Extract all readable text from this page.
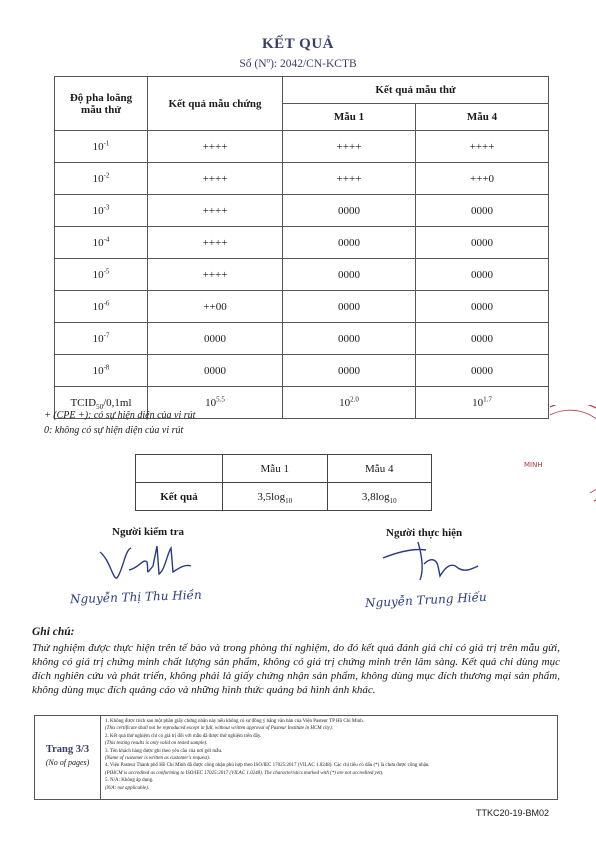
KẾT QUẢ
Số (Nº): 2042/CN-KCTB
Độ pha loãng
mẫu thử	Kết quả mẫu chứng	Kết quả mẫu thử	
		Mẫu 1	Mẫu 4
$10^{-1}$	++++	++++	++++
$10^{-2}$	++++	++++	+++0
$10^{-3}$	++++	0000	0000
$10^{-4}$	++++	0000	0000
$10^{-5}$	++++	0000	0000
$10^{-6}$	++00	0000	0000
$10^{-7}$	0000	0000	0000
$10^{-8}$	0000	0000	0000
$TCID_{50}/0,1ml$	$10^{5.5}$	$10^{2.0}$	$10^{1.7}$
+ (CPE +): có sự hiện diện của vi rút
0: không có sự hiện diện của vi rút
	Mẫu 1	Mẫu 4
Kết quả	$3,5\log_{10}$	$3,8\log_{10}$
Người kiểm tra
Nguyễn Thị Thu Hiền
Người thực hiện
Nguyễn Trung Hiếu
Ghi chú:
Thử nghiệm được thực hiện trên tế bào và trong phòng thí nghiệm, do đó kết quả đánh giá chỉ có giá trị trên mẫu gửi, không có giá trị chứng minh chất lượng sản phẩm, không có giá trị chứng minh trên lâm sàng. Kết quả chỉ dùng mục đích nghiên cứu và phát triển, không phải là giấy chứng nhận sản phẩm, không dùng mục đích thương mại sản phẩm, không dùng mục đích quảng cáo và những hình thức quảng bá hình ảnh khác.
Trang 3/3
(No of pages)
1. Không được trích sao một phần giấy chứng nhận này nếu không có sự đồng ý bằng văn bản của Viện Pasteur TP Hồ Chí Minh.
(This certificate shall not be reproduced except in full, without written approval of Pasteur Institute in HCM city).
2. Kết quả thử nghiệm chỉ có giá trị đối với mẫu đã được thử nghiệm trên đây.
(This testing results is only valid on tested sample).
3. Tên khách hàng được ghi theo yêu cầu của nơi gửi mẫu.
(Name of customer is written as customer's request).
4. Viện Pasteur Thành phố Hồ Chí Minh đã được công nhận phù hợp theo ISO/IEC 17025:2017 (VILAC 1.0248). Các chỉ tiêu có dấu (*) là chưa được công nhận.
(PIHCM is accredited as conforming to ISO/IEC 17025:2017 (VILAC 1.0248). The characteristics marked with (*) are not accredited yet).
5. N/A: Không áp dụng.
(N/A: not applicable).
TTKC20-19-BM02
MINH
